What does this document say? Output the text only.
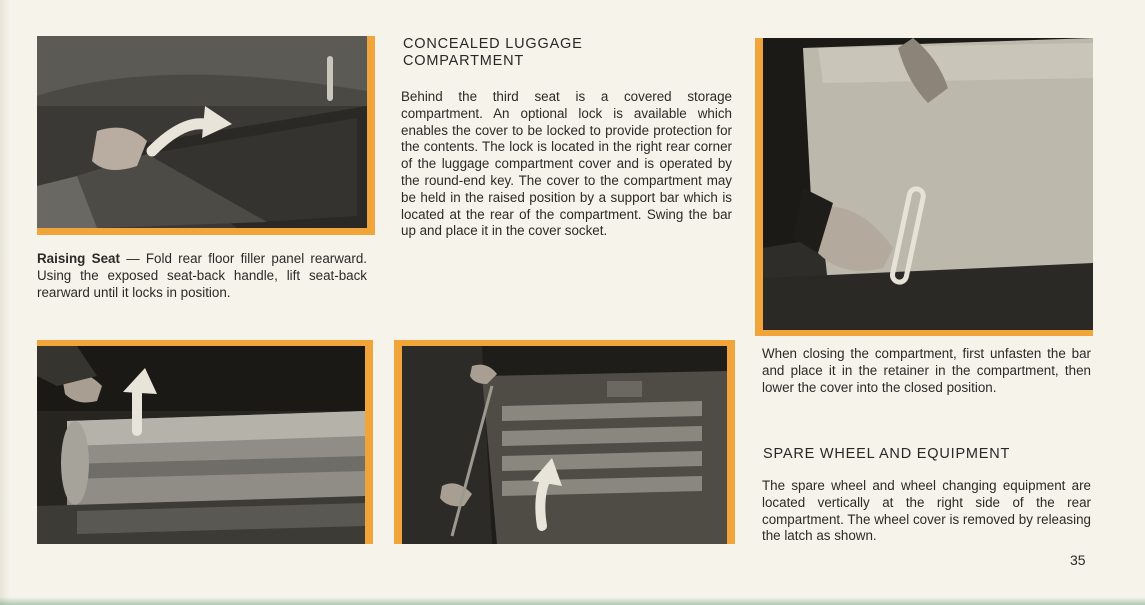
Raising Seat — Fold rear floor filler panel rearward. Using the exposed seat-back handle, lift seat-back rearward until it locks in position.
CONCEALED LUGGAGE
COMPARTMENT
Behind the third seat is a covered storage compartment. An optional lock is available which enables the cover to be locked to provide protection for the contents. The lock is located in the right rear corner of the luggage compartment cover and is operated by the round-end key. The cover to the compartment may be held in the raised position by a support bar which is located at the rear of the compartment. Swing the bar up and place it in the cover socket.
When closing the compartment, first unfasten the bar and place it in the retainer in the compartment, then lower the cover into the closed position.
SPARE WHEEL AND EQUIPMENT
The spare wheel and wheel changing equipment are located vertically at the right side of the rear compartment. The wheel cover is removed by releasing the latch as shown.
35
